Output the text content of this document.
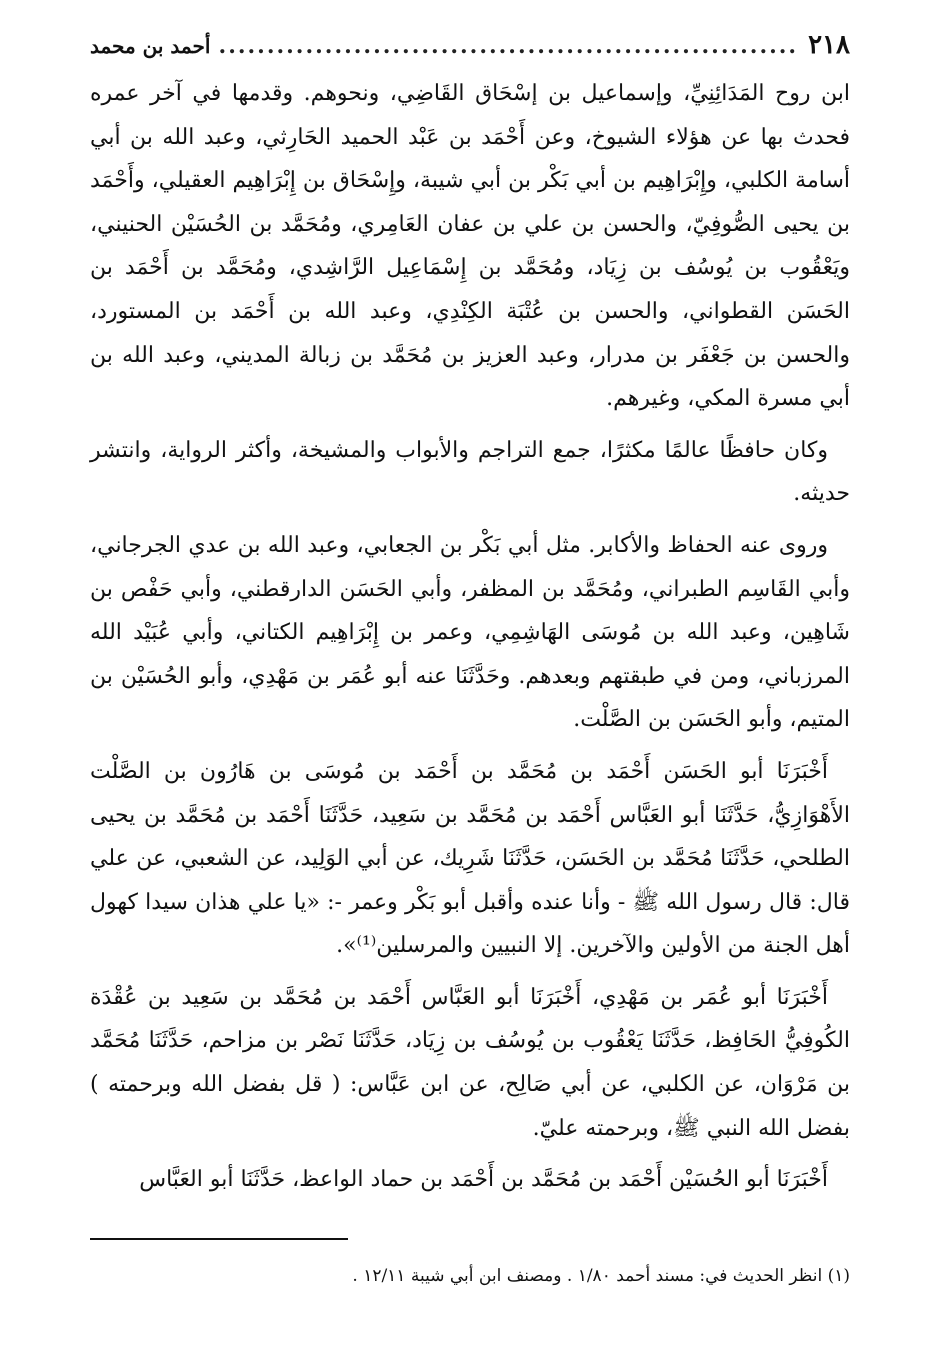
٢١٨
.....
أحمد بن محمد

ابن روح المَدَائِنِيِّ، وإسماعيل بن إسْحَاق القَاضِي، ونحوهم. وقدمها في آخر عمره فحدث بها عن هؤلاء الشيوخ، وعن أَحْمَد بن عَبْد الحميد الحَارِثي، وعبد الله بن أبي أسامة الكلبي، وإِبْرَاهِيم بن أبي بَكْر بن أبي شيبة، وإِسْحَاق بن إِبْرَاهِيم العقيلي، وأَحْمَد بن يحيى الصُّوفِيّ، والحسن بن علي بن عفان العَامِري، ومُحَمَّد بن الحُسَيْن الحنيني، ويَعْقُوب بن يُوسُف بن زِيَاد، ومُحَمَّد بن إِسْمَاعِيل الرَّاشِدي، ومُحَمَّد بن أَحْمَد بن الحَسَن القطواني، والحسن بن عُتْبَة الكِنْدِي، وعبد الله بن أَحْمَد بن المستورد، والحسن بن جَعْفَر بن مدرار، وعبد العزيز بن مُحَمَّد بن زبالة المديني، وعبد الله بن أبي مسرة المكي، وغيرهم.

وكان حافظًا عالمًا مكثرًا، جمع التراجم والأبواب والمشيخة، وأكثر الرواية، وانتشر حديثه.

وروى عنه الحفاظ والأكابر. مثل أبي بَكْر بن الجعابي، وعبد الله بن عدي الجرجاني، وأبي القَاسِم الطبراني، ومُحَمَّد بن المظفر، وأبي الحَسَن الدارقطني، وأبي حَفْص بن شَاهِين، وعبد الله بن مُوسَى الهَاشِمِي، وعمر بن إِبْرَاهِيم الكتاني، وأبي عُبَيْد الله المرزباني، ومن في طبقتهم وبعدهم. وحَدَّثَنَا عنه أبو عُمَر بن مَهْدِي، وأبو الحُسَيْن بن المتيم، وأبو الحَسَن بن الصَّلْت.

أَخْبَرَنَا أبو الحَسَن أَحْمَد بن مُحَمَّد بن أَحْمَد بن مُوسَى بن هَارُون بن الصَّلْت الأَهْوَازِيُّ، حَدَّثَنَا أبو العَبَّاس أَحْمَد بن مُحَمَّد بن سَعِيد، حَدَّثَنَا أَحْمَد بن مُحَمَّد بن يحيى الطلحي، حَدَّثَنَا مُحَمَّد بن الحَسَن، حَدَّثَنَا شَرِيك، عن أبي الوَلِيد، عن الشعبي، عن علي قال: قال رسول الله ﷺ - وأنا عنده وأقبل أبو بَكْر وعمر -: «يا علي هذان سيدا كهول أهل الجنة من الأولين والآخرين. إلا النبيين والمرسلين⁽¹⁾».

أَخْبَرَنَا أبو عُمَر بن مَهْدِي، أَخْبَرَنَا أبو العَبَّاس أَحْمَد بن مُحَمَّد بن سَعِيد بن عُقْدَة الكُوفِيُّ الحَافِظ، حَدَّثَنَا يَعْقُوب بن يُوسُف بن زِيَاد، حَدَّثَنَا نَصْر بن مزاحم، حَدَّثَنَا مُحَمَّد بن مَرْوَان، عن الكلبي، عن أبي صَالِح، عن ابن عَبَّاس: ( قل بفضل الله وبرحمته ) بفضل الله النبي ﷺ، وبرحمته عليّ.

أَخْبَرَنَا أبو الحُسَيْن أَحْمَد بن مُحَمَّد بن أَحْمَد بن حماد الواعظ، حَدَّثَنَا أبو العَبَّاس

(١) انظر الحديث في: مسند أحمد ١/٨٠ . ومصنف ابن أبي شيبة ١٢/١١ .
